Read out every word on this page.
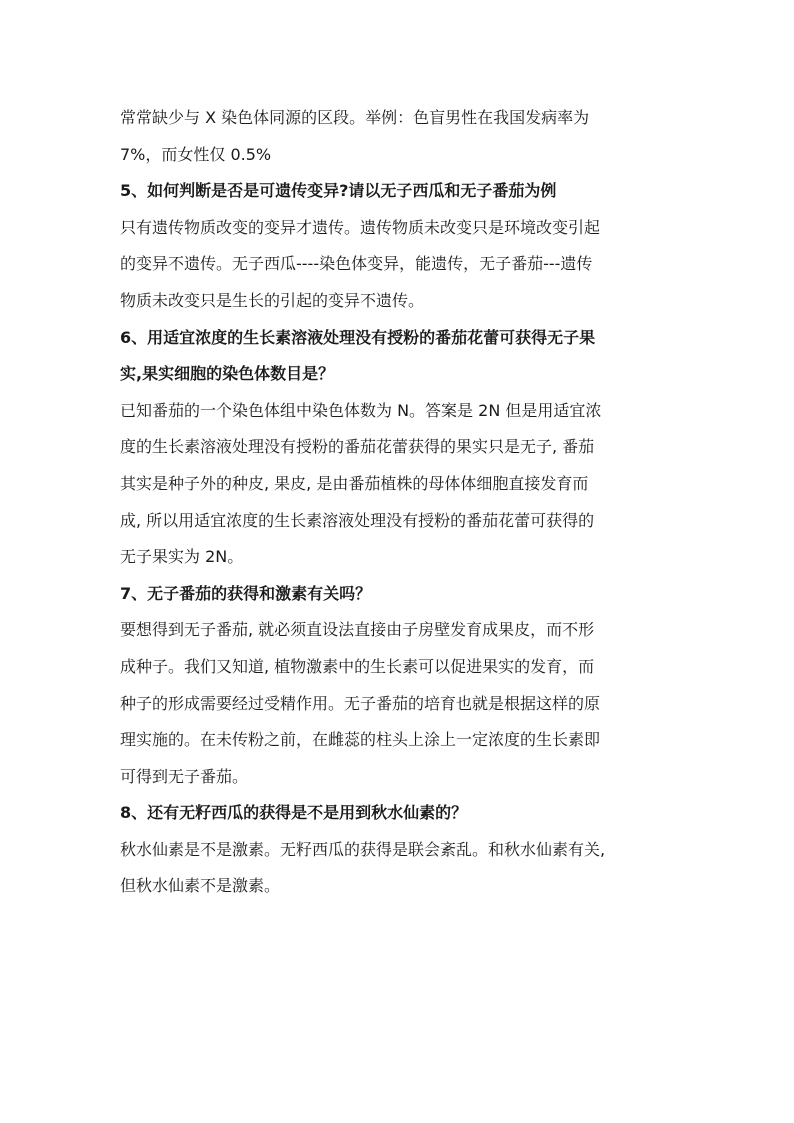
常常缺少与 X 染色体同源的区段。举例：色盲男性在我国发病率为
7%，而女性仅 0.5%
5、如何判断是否是可遗传变异?请以无子西瓜和无子番茄为例
只有遗传物质改变的变异才遗传。遗传物质未改变只是环境改变引起
的变异不遗传。无子西瓜----染色体变异，能遗传，无子番茄---遗传
物质未改变只是生长的引起的变异不遗传。
6、用适宜浓度的生长素溶液处理没有授粉的番茄花蕾可获得无子果
实,果实细胞的染色体数目是？
已知番茄的一个染色体组中染色体数为 N。答案是 2N 但是用适宜浓
度的生长素溶液处理没有授粉的番茄花蕾获得的果实只是无子, 番茄
其实是种子外的种皮, 果皮, 是由番茄植株的母体体细胞直接发育而
成, 所以用适宜浓度的生长素溶液处理没有授粉的番茄花蕾可获得的
无子果实为 2N。
7、无子番茄的获得和激素有关吗？
要想得到无子番茄, 就必须直设法直接由子房壁发育成果皮，而不形
成种子。我们又知道, 植物激素中的生长素可以促进果实的发育，而
种子的形成需要经过受精作用。无子番茄的培育也就是根据这样的原
理实施的。在未传粉之前，在雌蕊的柱头上涂上一定浓度的生长素即
可得到无子番茄。
8、还有无籽西瓜的获得是不是用到秋水仙素的？
秋水仙素是不是激素。无籽西瓜的获得是联会紊乱。和秋水仙素有关,
但秋水仙素不是激素。
